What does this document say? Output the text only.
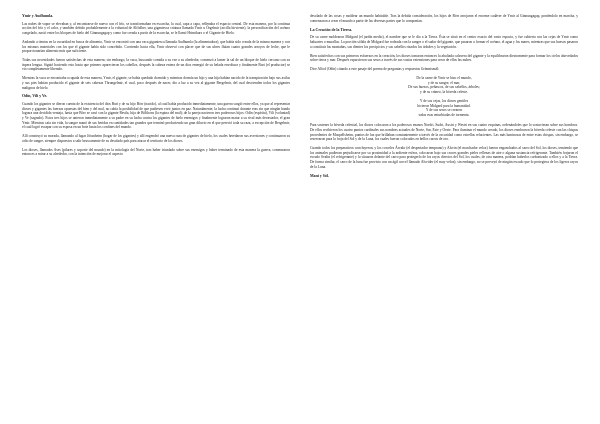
Ymir y Audhumla.

Las nubes de vapor se elevaban y, al encontrarse de nuevo con el frío, se transformaban en escarcha, la cual, capa a capa, rellenaba el espacio central. De esta manera, por la continua acción del frío y el calor, y también debido probablemente a la voluntad de Alfödher, una gigantesca criatura llamada Ymir u Örgelmir (arcilla hirviente), la personificación del océano congelado, nació entre los bloques de hielo del Ginnungagap y como fue creada a partir de la escarcha, se le llamó Hrimthurs o el Gigante de Hielo.

Andando a tientas en la oscuridad en busca de alimento, Ymir se encontró con una vaca gigantesca llamada Audhumla (la alimentadora), que había sido creada de la misma manera y con los mismos materiales con los que el gigante había sido concebido. Corriendo hacia ella, Ymir observó con placer que de sus ubres fluían cuatro grandes arroyos de leche, que le proporcionarían alimento más que suficiente.

Todas sus necesidades fueron satisfechas de esta manera; sin embargo, la vaca, buscando comida a su vez a su alrededor, comenzó a lamer la sal de un bloque de hielo cercano con su áspera lengua. Siguió haciendo esto hasta que primero aparecieron los cabellos, después la cabeza entera de un dios emergió de su helada envoltura y finalmente Buri (el productor) se vio completamente liberado.

Mientras la vaca se encontraba ocupada de esta manera, Ymir, el gigante, se había quedado dormido y mientras dormía un hijo y una hija habían nacido de la transpiración bajo sus axilas y sus pies habían producido el gigante de seis cabezas Thrungelmir, el cual, poco después de nacer, dio a luz a su vez al gigante Bergelmir, del cual descienden todos los gigantes malignos de hielo.

Odín, Vili y Ve.

Cuando los gigantes se dieron cuenta de la existencia del dios Buri y de su hijo Börr (nacido), al cual había producido inmediatamente, una guerra surgió entre ellos, ya que al representar dioses y gigantes las fuerzas opuestas del bien y del mal, no cabía la posibilidad de que pudiesen vivir juntos en paz. Naturalmente, la lucha continuó durante eras sin que ningún bando lograra una decidida ventaja, hasta que Börr se casó con la gigante Bestla, hija de Bölthorn (la espina del mal); de la pareja nacieron tres poderosos hijos: Odín (espíritu), Vili (voluntad) y Ve (sagrado). Estos tres hijos se unieron inmediatamente a su padre en su lucha contra los gigantes de hielo enemigos y finalmente lograron matar a su rival más devastador, el gran Ymir. Mientras caía sin vida, la sangre manó de sus heridas en cantidades tan grandes que terminó produciendo un gran diluvio en el que pereció toda su raza, a excepción de Bergelmir, el cual logró escapar con su esposa en un bote hasta los confines del mundo.

Allí construyó su morada, llamando al lugar Jötunheim (hogar de los gigantes) y allí engendró una nueva raza de gigantes de hielo, los cuales heredaron sus aversiones y continuaron su odio de sangre, siempre dispuestos a salir bruscamente de su desolado país para atacar el territorio de los dioses.

Los dioses, llamados Ases (pilares y soporte del mundo) en la mitología del Norte, tras haber triunfado sobre sus enemigos y haber terminado de esta manera la guerra, comenzaron entonces a mirar a su alrededor, con la intención de mejorar el aspecto

desolado de las cosas y moldear un mundo habitable. Tras la debida consideración, los hijos de Börr arrojaron el enorme cadáver de Ymir al Ginnungagap, poniéndolo en marcha, y comenzaron a crear el mundo a partir de las diversas partes que lo componían.

La Creación de la Tierra.

De su carne moldearon Midgard (el jardín medio), el nombre que se le dio a la Tierra. Ésta se situó en el centro exacto del vasto espacio, y fue cubierta con las cejas de Ymir como baluartes o murallas. La porción sólida de Midgard fue rodeada con la sangre o el sudor del gigante, que pasaron a formar el océano, el agua y los mares, mientras que sus huesos pasaron a constituir las montañas, sus dientes los precipicios y sus cabellos rizados los árboles y la vegetación.

Bien satisfechos con sus primeros esfuerzos en la creación, los dioses tomaron entonces la abultada calavera del gigante y la equilibraron diestramente para formar los cielos abovedados sobre tierra y mar. Después esparcieron sus sesos a través de sus vastas extensiones para crear de ellos las nubes.

Dice Alfod (Odín) citando a este pasaje del poema de preguntas y respuestas Grímnismál:

De la carne de Ymir se hizo el mundo,
y de su sangre, el mar,
De sus huesos, peñascos, de sus cabellos, árboles;
y de su cráneo, la bóveda celeste.
Y de sus cejas, los dioses gentiles
hicieron Midgard para la humanidad.
Y de sus sesos se crearon
todas esas enturbiadas de tormenta.

Para sostener la bóveda celestial, los dioses colocaron a los poderosos enanos Nordri, Sudri, Austri y Westri en sus cuatro esquinas, ordenándoles que lo sostuvieran sobre sus hombros. De ellos recibieron los cuatro puntos cardinales sus nombres actuales de Norte, Sur, Este y Oeste. Para iluminar el mundo creado, los dioses esmbraron la bóveda celeste con las chispas procedentes de Muspellsheim, puntos de luz que brillaban constantemente a través de la oscuridad como estrellas relucientes. Las más luminosas de entre estas chispas, sin embargo, se reservaron para la forja del Sol y de la Luna, los cuales fueron colocados en bellos carros de oro.

Cuando todos los preparativos concluyeron, y los corceles Árvakr (el despertador temprano) y Alsvin (el marchador veloz) fueron enganchados al carro del Sol, los dioses, temiendo que los animales pudieran perjudicarse por su proximidad a la ardiente esfera, colocaron bajo sus cruces grandes pieles rellenas de aire o alguna sustancia refrigerante. También forjaron el escudo Svalin (el refrigerante) y lo situaron delante del carro para protegerlo de los rayos directos del Sol, los cuales, de otra manera, podrían haberlos carbonizado a ellos y a la Tierra. De forma similar, el carro de la luna fue provisto con un ágil corcel llamado Alsvider (el muy veloz); sin embargo, no se proveyó de ningún escudo que lo protegiera de los ligeros rayos de la Luna.

Maní y Sól.
